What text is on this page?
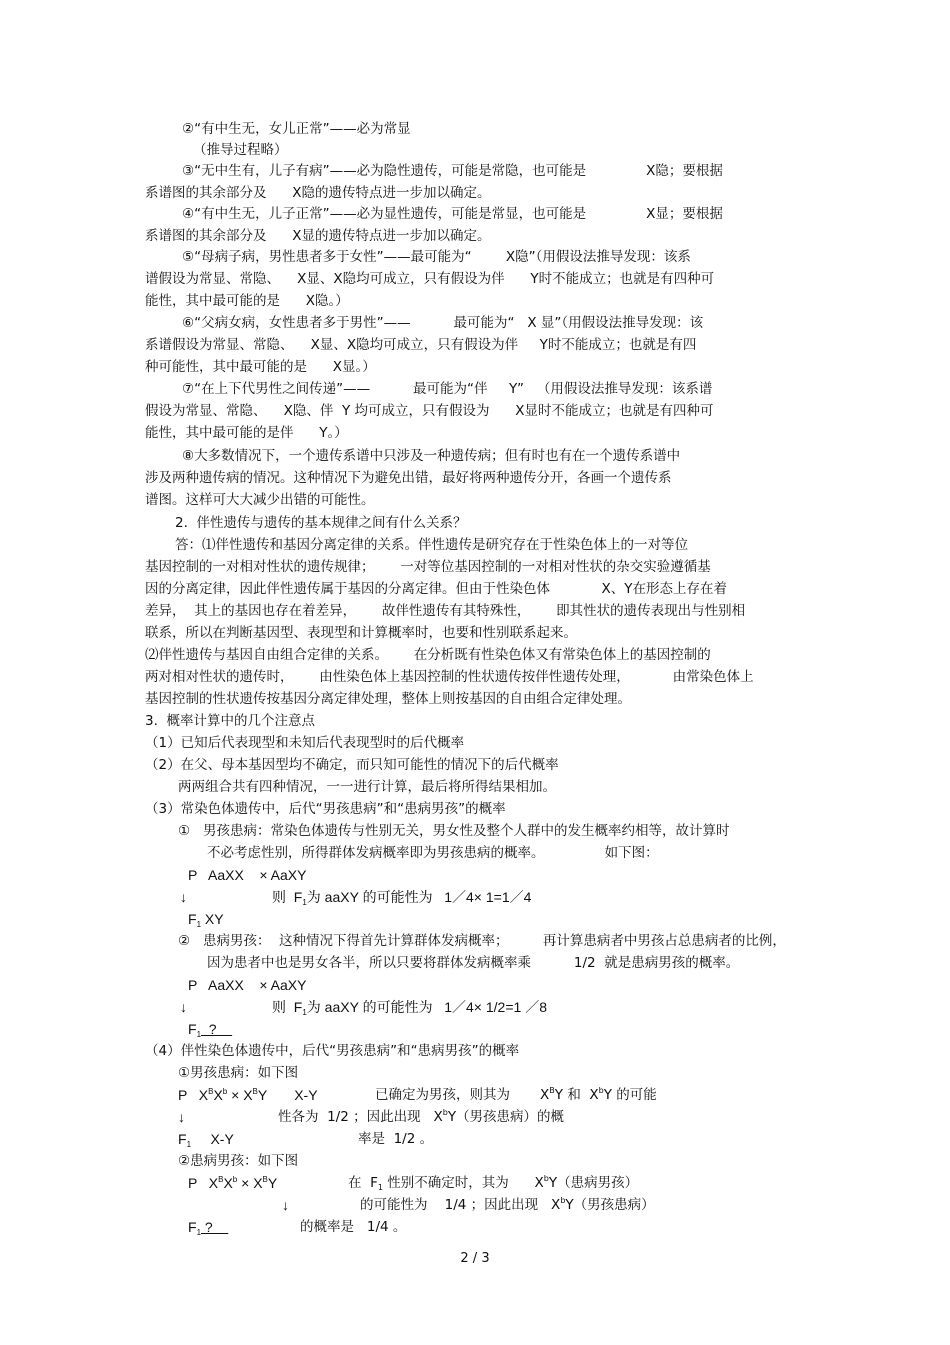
②“有中生无，女儿正常”——必为常显
（推导过程略）
③“无中生有，儿子有病”——必为隐性遗传，可能是常隐，也可能是              X隐；要根据
系谱图的其余部分及      X隐的遗传特点进一步加以确定。
④“有中生无，儿子正常”——必为显性遗传，可能是常显，也可能是              X显；要根据
系谱图的其余部分及      X显的遗传特点进一步加以确定。
⑤“母病子病，男性患者多于女性”——最可能为“        X隐”（用假设法推导发现：该系
谱假设为常显、常隐、    X显、X隐均可成立，只有假设为伴      Y时不能成立；也就是有四种可
能性，其中最可能的是      X隐。）
⑥“父病女病，女性患者多于男性”——          最可能为“   X 显”（用假设法推导发现：该
系谱假设为常显、常隐、    X显、X隐均可成立，只有假设为伴     Y时不能成立；也就是有四
种可能性，其中最可能的是      X显。）
⑦“在上下代男性之间传递”——          最可能为“伴     Y”   （用假设法推导发现：该系谱
假设为常显、常隐、    X隐、伴  Y 均可成立，只有假设为      X显时不能成立；也就是有四种可
能性，其中最可能的是伴      Y。）
⑧大多数情况下，一个遗传系谱中只涉及一种遗传病；但有时也有在一个遗传系谱中
涉及两种遗传病的情况。这种情况下为避免出错，最好将两种遗传分开，各画一个遗传系
谱图。这样可大大减少出错的可能性。
2.  伴性遗传与遗传的基本规律之间有什么关系？
答：⑴伴性遗传和基因分离定律的关系。伴性遗传是研究存在于性染色体上的一对等位
基因控制的一对相对性状的遗传规律；      一对等位基因控制的一对相对性状的杂交实验遵循基
因的分离定律，因此伴性遗传属于基因的分离定律。但由于性染色体            X、Y在形态上存在着
差异，  其上的基因也存在着差异，      故伴性遗传有其特殊性，      即其性状的遗传表现出与性别相
联系，所以在判断基因型、表现型和计算概率时，也要和性别联系起来。
⑵伴性遗传与基因自由组合定律的关系。      在分析既有性染色体又有常染色体上的基因控制的
两对相对性状的遗传时，      由性染色体上基因控制的性状遗传按伴性遗传处理，          由常染色体上
基因控制的性状遗传按基因分离定律处理，整体上则按基因的自由组合定律处理。
3.  概率计算中的几个注意点
（1）已知后代表现型和未知后代表现型时的后代概率
（2）在父、母本基因型均不确定，而只知可能性的情况下的后代概率
两两组合共有四种情况，一一进行计算，最后将所得结果相加。
（3）常染色体遗传中，后代“男孩患病”和“患病男孩”的概率
①   男孩患病：常染色体遗传与性别无关，男女性及整个人群中的发生概率约相等，故计算时
不必考虑性别，所得群体发病概率即为男孩患病的概率。              如下图：
P   AaXX    × AaXY
↓	则  $F_1$为 aaXY 的可能性为   1／4× 1=1／4
$F_1$ XY
②   患病男孩：  这种情况下得首先计算群体发病概率；        再计算患病者中男孩占总患病者的比例，
因为患者中也是男女各半，所以只要将群体发病概率乘          1/2  就是患病男孩的概率。
P   AaXX    × AaXY
↓	则  $F_1$为 aaXY 的可能性为   1／4× 1/2=1 ／8
$F_1$  ?
（4）伴性染色体遗传中，后代“男孩患病”和“患病男孩”的概率
①男孩患病：如下图
P   $X^BX^b \times X^BY$       X-Y	已确定为男孩，则其为       $X^BY$ 和  $X^bY$ 的可能
↓	性各为  1/2 ；因此出现   $X^bY$（男孩患病）的概
$F_1$     X-Y	率是  1/2 。
②患病男孩：如下图
P   $X^BX^b \times X^BY$	在  $F_1$ 性别不确定时，其为      $X^bY$（患病男孩）
↓	的可能性为    1/4 ；因此出现   $X^bY$（男孩患病）
$F_1$ ?	的概率是   1/4 。
2 / 3
